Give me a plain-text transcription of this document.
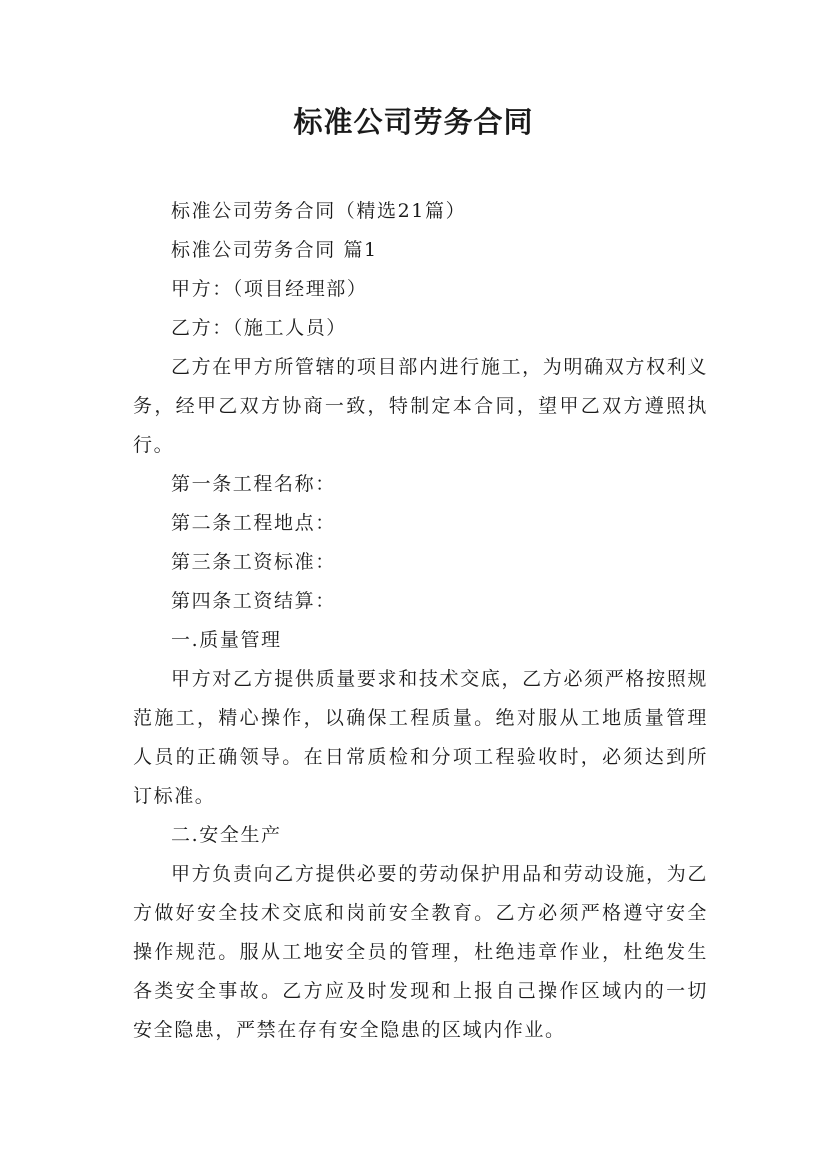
标准公司劳务合同

标准公司劳务合同（精选21篇）

标准公司劳务合同 篇1

甲方：（项目经理部）

乙方：（施工人员）

乙方在甲方所管辖的项目部内进行施工，为明确双方权利义务，经甲乙双方协商一致，特制定本合同，望甲乙双方遵照执行。

第一条工程名称：

第二条工程地点：

第三条工资标准：

第四条工资结算：

一.质量管理

甲方对乙方提供质量要求和技术交底，乙方必须严格按照规范施工，精心操作，以确保工程质量。绝对服从工地质量管理人员的正确领导。在日常质检和分项工程验收时，必须达到所订标准。

二.安全生产

甲方负责向乙方提供必要的劳动保护用品和劳动设施，为乙方做好安全技术交底和岗前安全教育。乙方必须严格遵守安全操作规范。服从工地安全员的管理，杜绝违章作业，杜绝发生各类安全事故。乙方应及时发现和上报自己操作区域内的一切安全隐患，严禁在存有安全隐患的区域内作业。
